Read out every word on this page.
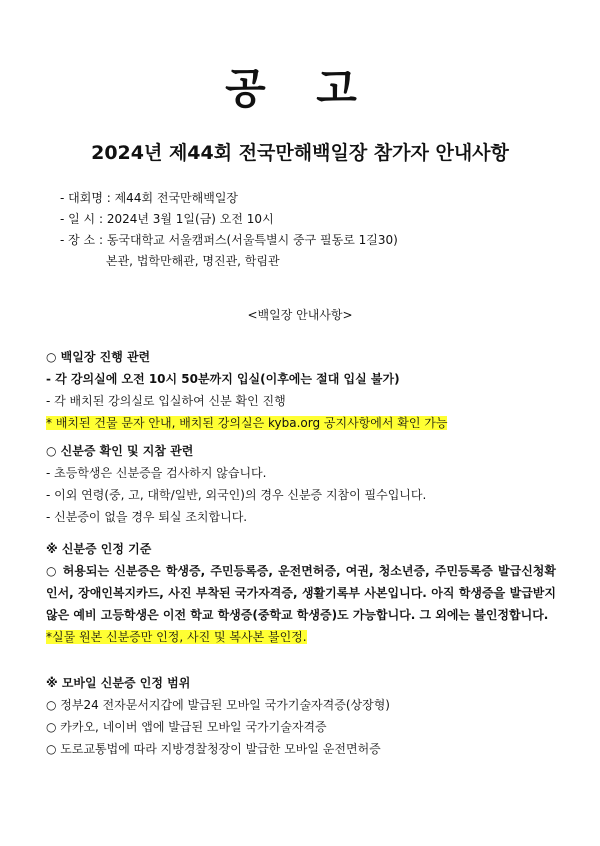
공 고
2024년 제44회 전국만해백일장 참가자 안내사항
- 대회명 : 제44회 전국만해백일장
- 일 시 : 2024년 3월 1일(금) 오전 10시
- 장 소 : 동국대학교 서울캠퍼스(서울특별시 중구 필동로 1길30)
본관, 법학만해관, 명진관, 학림관
<백일장 안내사항>
○ 백일장 진행 관련
- 각 강의실에 오전 10시 50분까지 입실(이후에는 절대 입실 불가)
- 각 배치된 강의실로 입실하여 신분 확인 진행
* 배치된 건물 문자 안내, 배치된 강의실은 kyba.org 공지사항에서 확인 가능
○ 신분증 확인 및 지참 관련
- 초등학생은 신분증을 검사하지 않습니다.
- 이외 연령(중, 고, 대학/일반, 외국인)의 경우 신분증 지참이 필수입니다.
- 신분증이 없을 경우 퇴실 조치합니다.
※ 신분증 인정 기준
○ 허용되는 신분증은 학생증, 주민등록증, 운전면허증, 여권, 청소년증, 주민등록증 발급신청확인서, 장애인복지카드, 사진 부착된 국가자격증, 생활기록부 사본입니다. 아직 학생증을 발급받지 않은 예비 고등학생은 이전 학교 학생증(중학교 학생증)도 가능합니다. 그 외에는 불인정합니다.
*실물 원본 신분증만 인정, 사진 및 복사본 불인정.
※ 모바일 신분증 인정 범위
○ 정부24 전자문서지갑에 발급된 모바일 국가기술자격증(상장형)
○ 카카오, 네이버 앱에 발급된 모바일 국가기술자격증
○ 도로교통법에 따라 지방경찰청장이 발급한 모바일 운전면허증
